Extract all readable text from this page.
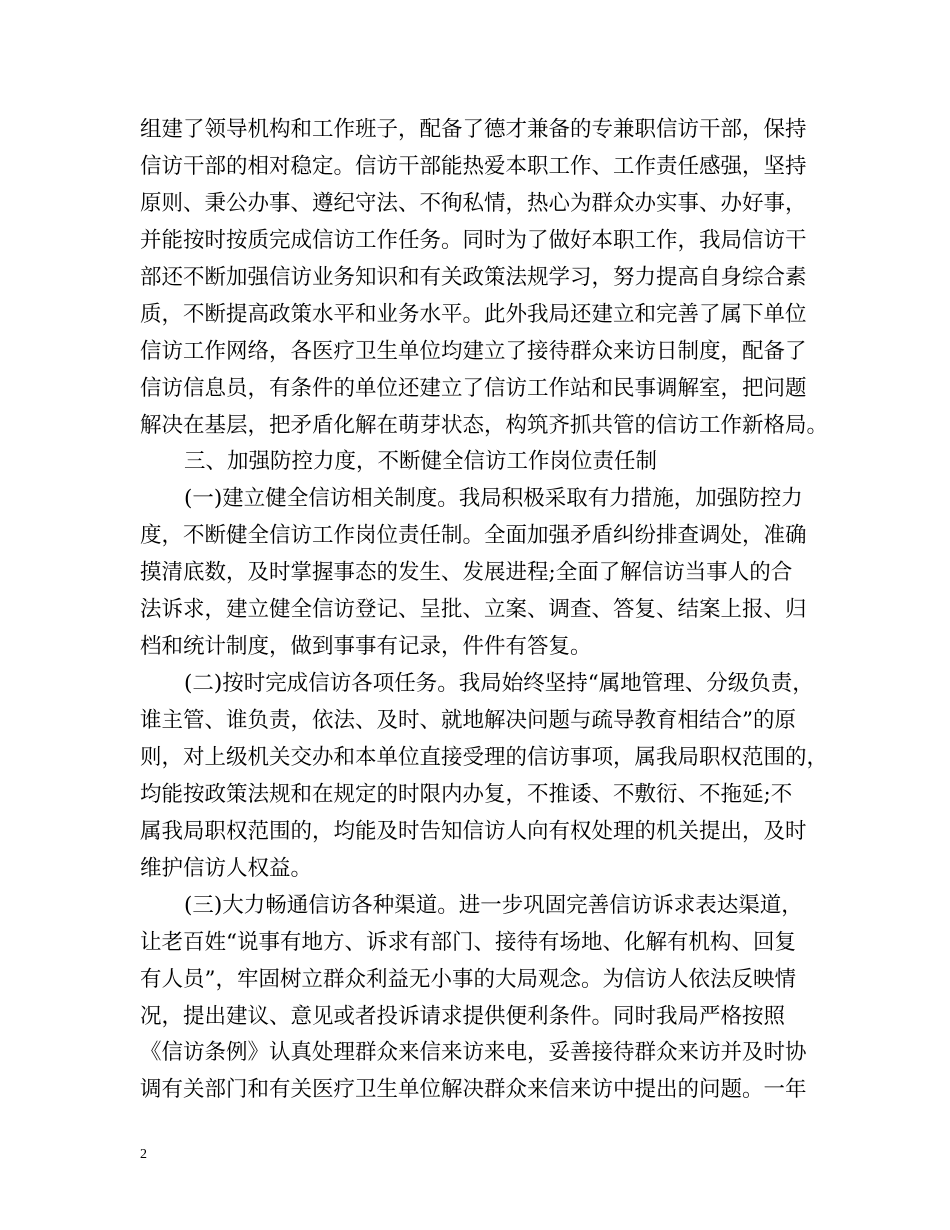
组建了领导机构和工作班子，配备了德才兼备的专兼职信访干部，保持
信访干部的相对稳定。信访干部能热爱本职工作、工作责任感强，坚持
原则、秉公办事、遵纪守法、不徇私情，热心为群众办实事、办好事，
并能按时按质完成信访工作任务。同时为了做好本职工作，我局信访干
部还不断加强信访业务知识和有关政策法规学习，努力提高自身综合素
质，不断提高政策水平和业务水平。此外我局还建立和完善了属下单位
信访工作网络，各医疗卫生单位均建立了接待群众来访日制度，配备了
信访信息员，有条件的单位还建立了信访工作站和民事调解室，把问题
解决在基层，把矛盾化解在萌芽状态，构筑齐抓共管的信访工作新格局。
三、加强防控力度，不断健全信访工作岗位责任制
(一)建立健全信访相关制度。我局积极采取有力措施，加强防控力
度，不断健全信访工作岗位责任制。全面加强矛盾纠纷排查调处，准确
摸清底数，及时掌握事态的发生、发展进程;全面了解信访当事人的合
法诉求，建立健全信访登记、呈批、立案、调查、答复、结案上报、归
档和统计制度，做到事事有记录，件件有答复。
(二)按时完成信访各项任务。我局始终坚持“属地管理、分级负责，
谁主管、谁负责，依法、及时、就地解决问题与疏导教育相结合”的原
则，对上级机关交办和本单位直接受理的信访事项，属我局职权范围的，
均能按政策法规和在规定的时限内办复，不推诿、不敷衍、不拖延;不
属我局职权范围的，均能及时告知信访人向有权处理的机关提出，及时
维护信访人权益。
(三)大力畅通信访各种渠道。进一步巩固完善信访诉求表达渠道，
让老百姓“说事有地方、诉求有部门、接待有场地、化解有机构、回复
有人员”，牢固树立群众利益无小事的大局观念。为信访人依法反映情
况，提出建议、意见或者投诉请求提供便利条件。同时我局严格按照
《信访条例》认真处理群众来信来访来电，妥善接待群众来访并及时协
调有关部门和有关医疗卫生单位解决群众来信来访中提出的问题。一年
2
